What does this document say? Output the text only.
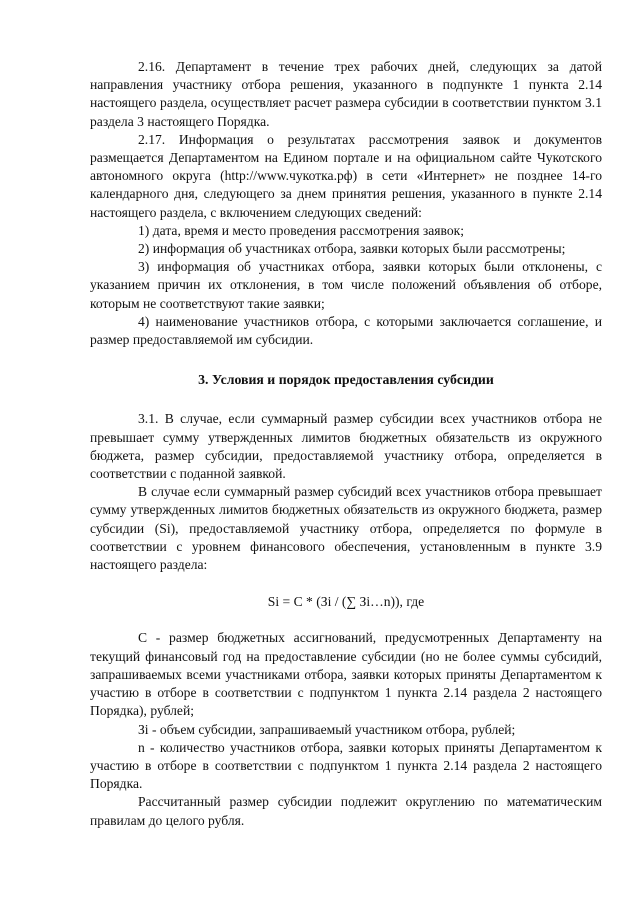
2.16. Департамент в течение трех рабочих дней, следующих за датой направления участнику отбора решения, указанного в подпункте 1 пункта 2.14 настоящего раздела, осуществляет расчет размера субсидии в соответствии пунктом 3.1 раздела 3 настоящего Порядка.

2.17. Информация о результатах рассмотрения заявок и документов размещается Департаментом на Едином портале и на официальном сайте Чукотского автономного округа (http://www.чукотка.рф) в сети «Интернет» не позднее 14-го календарного дня, следующего за днем принятия решения, указанного в пункте 2.14 настоящего раздела, с включением следующих сведений:

1) дата, время и место проведения рассмотрения заявок;

2) информация об участниках отбора, заявки которых были рассмотрены;

3) информация об участниках отбора, заявки которых были отклонены, с указанием причин их отклонения, в том числе положений объявления об отборе, которым не соответствуют такие заявки;

4) наименование участников отбора, с которыми заключается соглашение, и размер предоставляемой им субсидии.

3. Условия и порядок предоставления субсидии

3.1. В случае, если суммарный размер субсидии всех участников отбора не превышает сумму утвержденных лимитов бюджетных обязательств из окружного бюджета, размер субсидии, предоставляемой участнику отбора, определяется в соответствии с поданной заявкой.

В случае если суммарный размер субсидий всех участников отбора превышает сумму утвержденных лимитов бюджетных обязательств из окружного бюджета, размер субсидии (Si), предоставляемой участнику отбора, определяется по формуле в соответствии с уровнем финансового обеспечения, установленным в пункте 3.9 настоящего раздела:

Si = C * (Зi / (∑ Зi…n)), где

С - размер бюджетных ассигнований, предусмотренных Департаменту на текущий финансовый год на предоставление субсидии (но не более суммы субсидий, запрашиваемых всеми участниками отбора, заявки которых приняты Департаментом к участию в отборе в соответствии с подпунктом 1 пункта 2.14 раздела 2 настоящего Порядка), рублей;

Зi - объем субсидии, запрашиваемый участником отбора, рублей;

n - количество участников отбора, заявки которых приняты Департаментом к участию в отборе в соответствии с подпунктом 1 пункта 2.14 раздела 2 настоящего Порядка.

Рассчитанный размер субсидии подлежит округлению по математическим правилам до целого рубля.
